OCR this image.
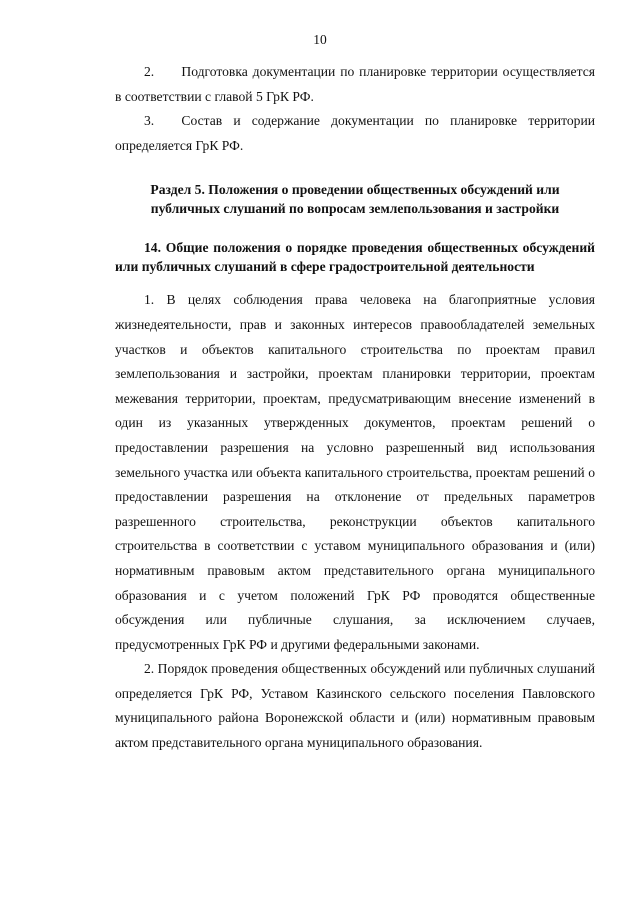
10

2.  Подготовка документации по планировке территории осуществляется в соответствии с главой 5 ГрК РФ.

3.  Состав и содержание документации по планировке территории определяется ГрК РФ.

Раздел 5. Положения о проведении общественных обсуждений или публичных слушаний по вопросам землепользования и застройки
14. Общие положения о порядке проведения общественных обсуждений или публичных слушаний в сфере градостроительной деятельности

1. В целях соблюдения права человека на благоприятные условия жизнедеятельности, прав и законных интересов правообладателей земельных участков и объектов капитального строительства по проектам правил землепользования и застройки, проектам планировки территории, проектам межевания территории, проектам, предусматривающим внесение изменений в один из указанных утвержденных документов, проектам решений о предоставлении разрешения на условно разрешенный вид использования земельного участка или объекта капитального строительства, проектам решений о предоставлении разрешения на отклонение от предельных параметров разрешенного строительства, реконструкции объектов капитального строительства в соответствии с уставом муниципального образования и (или) нормативным правовым актом представительного органа муниципального образования и с учетом положений ГрК РФ проводятся общественные обсуждения или публичные слушания, за исключением случаев, предусмотренных ГрК РФ и другими федеральными законами.

2. Порядок проведения общественных обсуждений или публичных слушаний определяется ГрК РФ, Уставом Казинского сельского поселения Павловского муниципального района Воронежской области и (или) нормативным правовым актом представительного органа муниципального образования.
